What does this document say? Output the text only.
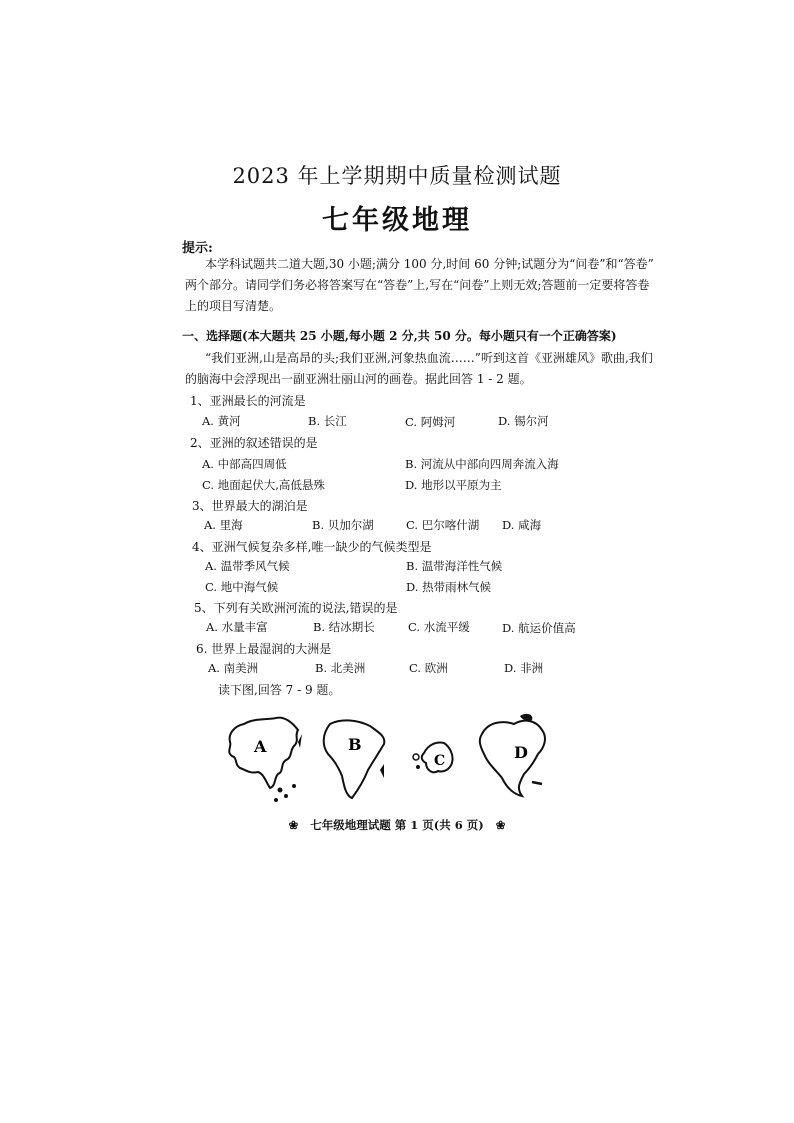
2023 年上学期期中质量检测试题
七年级地理
提示:
本学科试题共二道大题,30 小题;满分 100 分,时间 60 分钟;试题分为“问卷”和“答卷”
两个部分。请同学们务必将答案写在“答卷”上,写在“问卷”上则无效;答题前一定要将答卷
上的项目写清楚。
一、选择题(本大题共 25 小题,每小题 2 分,共 50 分。每小题只有一个正确答案)
“我们亚洲,山是高昂的头;我们亚洲,河象热血流……”听到这首《亚洲雄风》歌曲,我们
的脑海中会浮现出一副亚洲壮丽山河的画卷。据此回答 1 - 2 题。
1、亚洲最长的河流是
A. 黄河	B. 长江	C. 阿姆河	D. 锡尔河
2、亚洲的叙述错误的是
A. 中部高四周低	B. 河流从中部向四周奔流入海
C. 地面起伏大,高低悬殊	D. 地形以平原为主
3、世界最大的湖泊是
A. 里海	B. 贝加尔湖	C. 巴尔喀什湖 D. 咸海
4、亚洲气候复杂多样,唯一缺少的气候类型是
A. 温带季风气候	B. 温带海洋性气候
C. 地中海气候	D. 热带雨林气候
5、下列有关欧洲河流的说法,错误的是
A. 水量丰富	B. 结冰期长	C. 水流平缓	D. 航运价值高
6. 世界上最湿润的大洲是
A. 南美洲	B. 北美洲	C. 欧洲	D. 非洲
读下图,回答 7 - 9 题。
A	B
C	D
❀ 七年级地理试题 第 1 页(共 6 页) ❀
